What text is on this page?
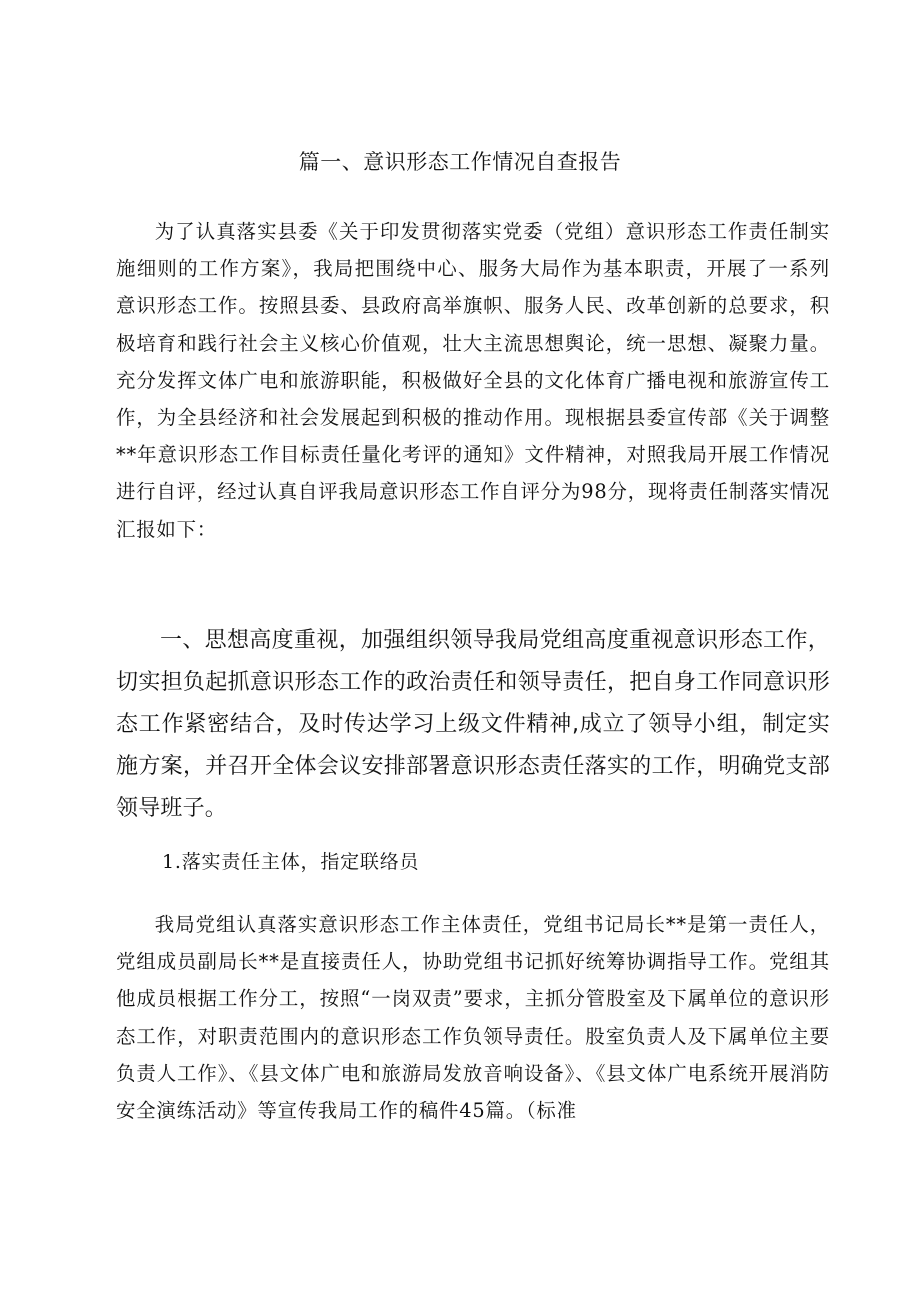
篇一、意识形态工作情况自查报告

为了认真落实县委《关于印发贯彻落实党委（党组）意识形态工作责任制实施细则的工作方案》，我局把围绕中心、服务大局作为基本职责，开展了一系列意识形态工作。按照县委、县政府高举旗帜、服务人民、改革创新的总要求，积极培育和践行社会主义核心价值观，壮大主流思想舆论，统一思想、凝聚力量。充分发挥文体广电和旅游职能，积极做好全县的文化体育广播电视和旅游宣传工作，为全县经济和社会发展起到积极的推动作用。现根据县委宣传部《关于调整**年意识形态工作目标责任量化考评的通知》文件精神，对照我局开展工作情况进行自评，经过认真自评我局意识形态工作自评分为98分，现将责任制落实情况汇报如下：

一、思想高度重视，加强组织领导我局党组高度重视意识形态工作，切实担负起抓意识形态工作的政治责任和领导责任，把自身工作同意识形态工作紧密结合，及时传达学习上级文件精神,成立了领导小组，制定实施方案，并召开全体会议安排部署意识形态责任落实的工作，明确党支部领导班子。

1.落实责任主体，指定联络员

我局党组认真落实意识形态工作主体责任，党组书记局长**是第一责任人，党组成员副局长**是直接责任人，协助党组书记抓好统筹协调指导工作。党组其他成员根据工作分工，按照“一岗双责”要求，主抓分管股室及下属单位的意识形态工作，对职责范围内的意识形态工作负领导责任。股室负责人及下属单位主要负责人工作》、《县文体广电和旅游局发放音响设备》、《县文体广电系统开展消防安全演练活动》等宣传我局工作的稿件45篇。（标准
